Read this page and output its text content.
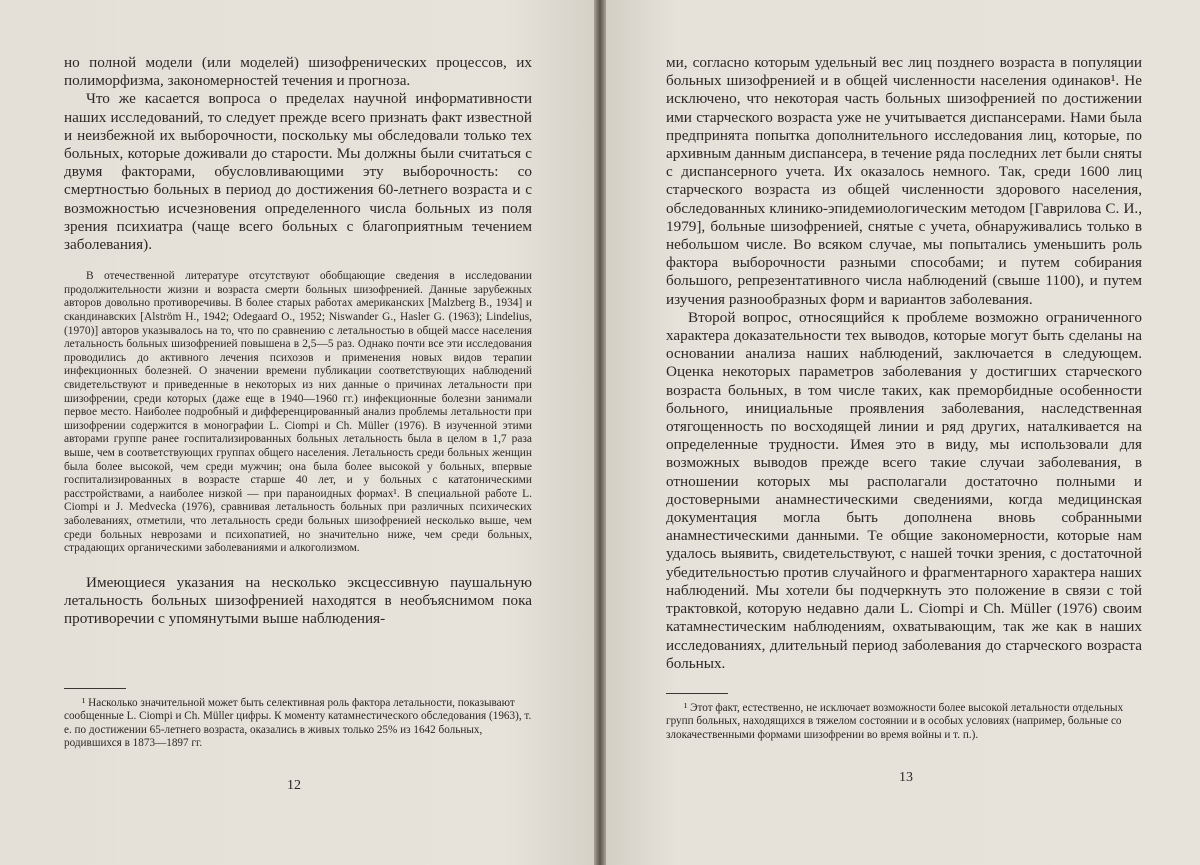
но полной модели (или моделей) шизофренических процессов, их полиморфизма, закономерностей течения и прогноза.

Что же касается вопроса о пределах научной информативности наших исследований, то следует прежде всего признать факт известной и неизбежной их выборочности, поскольку мы обследовали только тех больных, которые доживали до старости. Мы должны были считаться с двумя факторами, обусловливающими эту выборочность: со смертностью больных в период до достижения 60-летнего возраста и с возможностью исчезновения определенного числа больных из поля зрения психиатра (чаще всего больных с благоприятным течением заболевания).

В отечественной литературе отсутствуют обобщающие сведения в исследовании продолжительности жизни и возраста смерти больных шизофренией. Данные зарубежных авторов довольно противоречивы. В более старых работах американских [Malzberg B., 1934] и скандинавских [Alström H., 1942; Odegaard O., 1952; Niswander G., Hasler G. (1963); Lindelius, (1970)] авторов указывалось на то, что по сравнению с летальностью в общей массе населения летальность больных шизофренией повышена в 2,5—5 раз. Однако почти все эти исследования проводились до активного лечения психозов и применения новых видов терапии инфекционных болезней. О значении времени публикации соответствующих наблюдений свидетельствуют и приведенные в некоторых из них данные о причинах летальности при шизофрении, среди которых (даже еще в 1940—1960 гг.) инфекционные болезни занимали первое место. Наиболее подробный и дифференцированный анализ проблемы летальности при шизофрении содержится в монографии L. Ciompi и Ch. Müller (1976). В изученной этими авторами группе ранее госпитализированных больных летальность была в целом в 1,7 раза выше, чем в соответствующих группах общего населения. Летальность среди больных женщин была более высокой, чем среди мужчин; она была более высокой у больных, впервые госпитализированных в возрасте старше 40 лет, и у больных с кататоническими расстройствами, а наиболее низкой — при параноидных формах¹. В специальной работе L. Ciompi и J. Medvecka (1976), сравнивая летальность больных при различных психических заболеваниях, отметили, что летальность среди больных шизофренией несколько выше, чем среди больных неврозами и психопатией, но значительно ниже, чем среди больных, страдающих органическими заболеваниями и алкоголизмом.

Имеющиеся указания на несколько эксцессивную паушальную летальность больных шизофренией находятся в необъяснимом пока противоречии с упомянутыми выше наблюдения-

¹ Насколько значительной может быть селективная роль фактора летальности, показывают сообщенные L. Ciompi и Ch. Müller цифры. К моменту катамнестического обследования (1963), т. е. по достижении 65-летнего возраста, оказались в живых только 25% из 1642 больных, родившихся в 1873—1897 гг.

12

ми, согласно которым удельный вес лиц позднего возраста в популяции больных шизофренией и в общей численности населения одинаков¹. Не исключено, что некоторая часть больных шизофренией по достижении ими старческого возраста уже не учитывается диспансерами. Нами была предпринята попытка дополнительного исследования лиц, которые, по архивным данным диспансера, в течение ряда последних лет были сняты с диспансерного учета. Их оказалось немного. Так, среди 1600 лиц старческого возраста из общей численности здорового населения, обследованных клинико-эпидемиологическим методом [Гаврилова С. И., 1979], больные шизофренией, снятые с учета, обнаруживались только в небольшом числе. Во всяком случае, мы попытались уменьшить роль фактора выборочности разными способами; и путем собирания большого, репрезентативного числа наблюдений (свыше 1100), и путем изучения разнообразных форм и вариантов заболевания.

Второй вопрос, относящийся к проблеме возможно ограниченного характера доказательности тех выводов, которые могут быть сделаны на основании анализа наших наблюдений, заключается в следующем. Оценка некоторых параметров заболевания у достигших старческого возраста больных, в том числе таких, как преморбидные особенности больного, инициальные проявления заболевания, наследственная отягощенность по восходящей линии и ряд других, наталкивается на определенные трудности. Имея это в виду, мы использовали для возможных выводов прежде всего такие случаи заболевания, в отношении которых мы располагали достаточно полными и достоверными анамнестическими сведениями, когда медицинская документация могла быть дополнена вновь собранными анамнестическими данными. Те общие закономерности, которые нам удалось выявить, свидетельствуют, с нашей точки зрения, с достаточной убедительностью против случайного и фрагментарного характера наших наблюдений. Мы хотели бы подчеркнуть это положение в связи с той трактовкой, которую недавно дали L. Ciompi и Ch. Müller (1976) своим катамнестическим наблюдениям, охватывающим, так же как в наших исследованиях, длительный период заболевания до старческого возраста больных.

¹ Этот факт, естественно, не исключает возможности более высокой летальности отдельных групп больных, находящихся в тяжелом состоянии и в особых условиях (например, больные со злокачественными формами шизофрении во время войны и т. п.).

13
